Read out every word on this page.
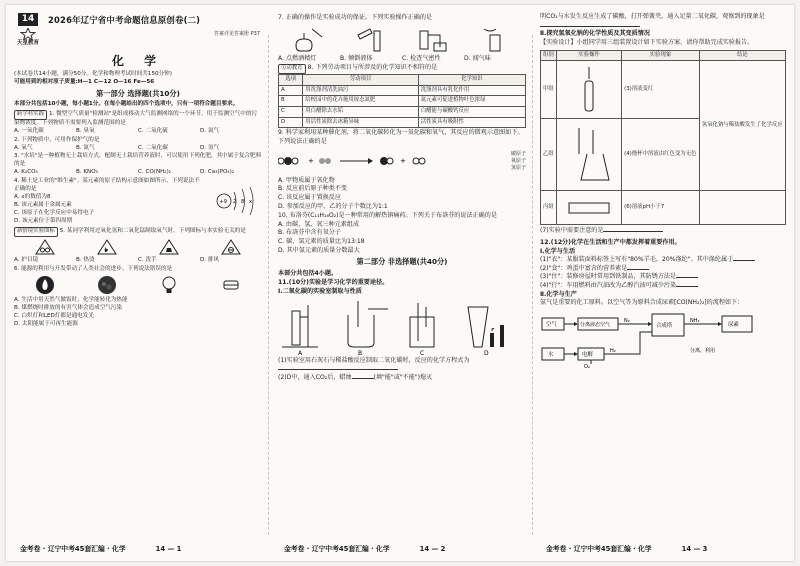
14
天星教育
2026年辽宁省中考命题信息原创卷(二)
答案详见答案册 P37
化 学
(本试卷共14小题，满分50分。化学和物理考试时间共150分钟)
可能用到的相对原子质量:H—1 C—12 O—16 Fe—56
第一部分 选择题(共10分)
本部分共包括10小题，每小题1分。在每小题给出的四个选项中，只有一项符合题目要求。
跨学科实践 1. 微型空气质量"检测站"是组成移动大气监测网络的一个环节，用于监测空气中的污染物浓度。下列物质不需要列入监测范围的是
A. 一氧化碳	B. 臭氧	C. 二氧化硫	D. 氮气
2. 下列物质中，可用作保护气的是
A. 氧气	B. 氮气	C. 二氧化碳	D. 氢气
3. "水培"是一种植物无土栽培方式，配制无土栽培营养液时，可以使用下列化肥，其中属于复合肥料的是
A. K₂CO₃	B. KNO₃	C. CO(NH₂)₂	D. Ca₃(PO₄)₂
4. 稀土是工业的"维生素"。某元素的原子结构示意图如图所示，下列说法不正确的是
+9 2 8 x
A. x的数值为8
B. 该元素属于金属元素
C. 该原子在化学反应中易得电子
D. 该元素位于第四周期
新情境实验图标 5. 某同学利用过氧化氢和二氧化锰制取氧气时，下列图标与本实验无关的是
A. 护目镜	B. 热烫	C. 洗手	D. 排风
6. 能源的利用与开发带动了人类社会的进步。下列说法错误的是
A. 生活中用天然气做饭时，化学能转化为热能
B. 煤燃烧时排放的有害气体会造成空气污染
C. 白炽灯和LED灯都是通电发光
D. 太阳能属于可再生能源
7. 正确的操作是实验成功的保证。下列实验操作正确的是
A. 点燃酒精灯	B. 倾倒液体	C. 检查气密性	D. 闻气味
劳动教育 8. 下列劳动项目与所涉及的化学知识不相符的是
选项	劳动项目	化学知识
A	用洗涤剂清洗油污	洗涤剂具有乳化作用
B	给校园中的花卉施用铵态氮肥	氮元素可促进植物叶色浓绿
C	用白醋除去水垢	白醋能与碳酸钙反应
D	用活性炭除去冰箱异味	活性炭具有吸附性
9. 科学家利用某种催化剂，将二氧化碳转化为一氧化碳和氧气，其反应的微观示意图如下。下列说法正确的是
+	+
碳原子
氧原子
氢原子
A. 甲物质属于氧化物
B. 反应前后原子种类不变
C. 该反应属于置换反应
D. 参加反应的甲、乙的分子个数比为1:1
10. 布洛芬(C₁₃H₁₈O₂)是一种常用的解热镇痛药。下列关于布洛芬的说法正确的是
A. 由碳、氢、氧三种元素组成
B. 布洛芬中含有氧分子
C. 碳、氢元素的质量比为13:18
D. 其中氢元素的质量分数最大
第二部分 非选择题(共40分)
本部分共包括4小题。
11.(10分)实验是学习化学的重要途径。
Ⅰ.二氧化碳的实验室制取与性质
A	B	C	D
(1)实验室用石灰石与稀盐酸反应制取二氧化碳时，反应的化学方程式为
(2)D中，通入CO₂后，蜡烛	(填"能"或"不能")熄灭
明CO₂与水发生反应生成了碳酸，打开弹簧夹，通入足量二氧化碳，观察到的现象是
Ⅱ.探究氢氧化钠的化学性质及其变质情况
【实验设计】小组同学用三组装置设计如下实验方案，请你帮助完成实验报告。
组别	实验操作	实验现象	结论
甲组		(3)溶液变红	氢氧化钠与稀盐酸发生了化学反应
乙组		(4)烧杯中溶液由红色变为无色	
丙组		(6)溶液pH小于7	
(7)实验中需要注意的是
12.(12分)化学在生活和生产中都发挥着重要作用。
Ⅰ.化学与生活
(1)"衣"：某服装面料标签上写有"80%羊毛，20%涤纶"。其中涤纶属于
(2)"食"：鸡蛋中富含的营养素是
(3)"住"：装修房屋时常用到铁制品，其防锈方法是
(4)"行"：车用燃料由汽油改为乙醇汽油可减少污染
Ⅱ.化学与生产
氨气是重要的化工原料。以空气等为原料合成尿素[CO(NH₂)₂]的流程如下：
空气	分离液态空气
N₂
合成塔
NH₃
尿素
水	电解
H₂
O₂
分离、利用
金考卷 · 辽宁中考45套汇编 · 化学	14 — 1	金考卷 · 辽宁中考45套汇编 · 化学	14 — 2	金考卷 · 辽宁中考45套汇编 · 化学	14 — 3
